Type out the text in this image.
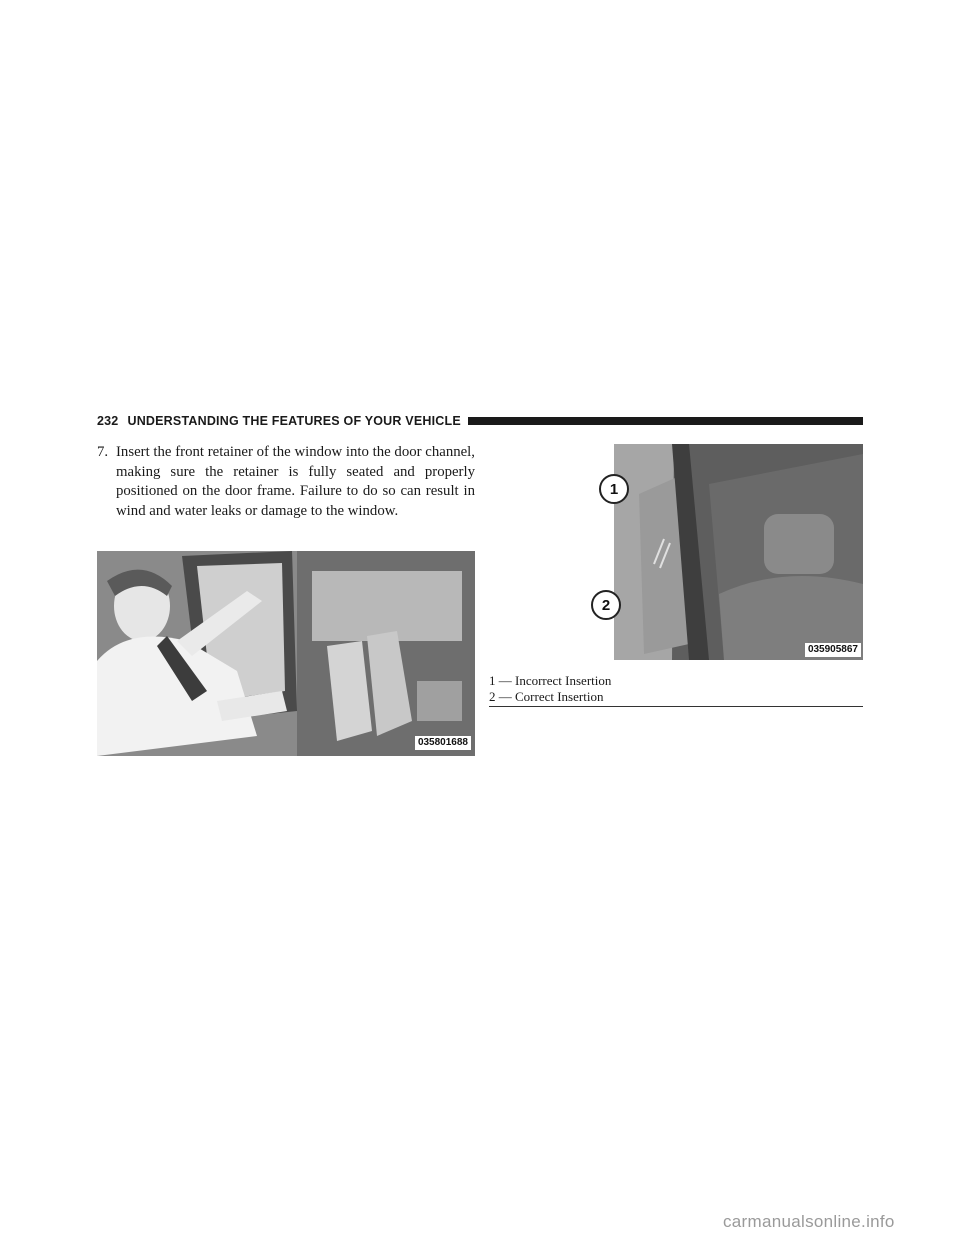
232 UNDERSTANDING THE FEATURES OF YOUR VEHICLE
7. Insert the front retainer of the window into the door channel, making sure the retainer is fully seated and properly positioned on the door frame. Failure to do so can result in wind and water leaks or damage to the window.
035801688
1
2
035905867
1 — Incorrect Insertion
2 — Correct Insertion
carmanualsonline.info
